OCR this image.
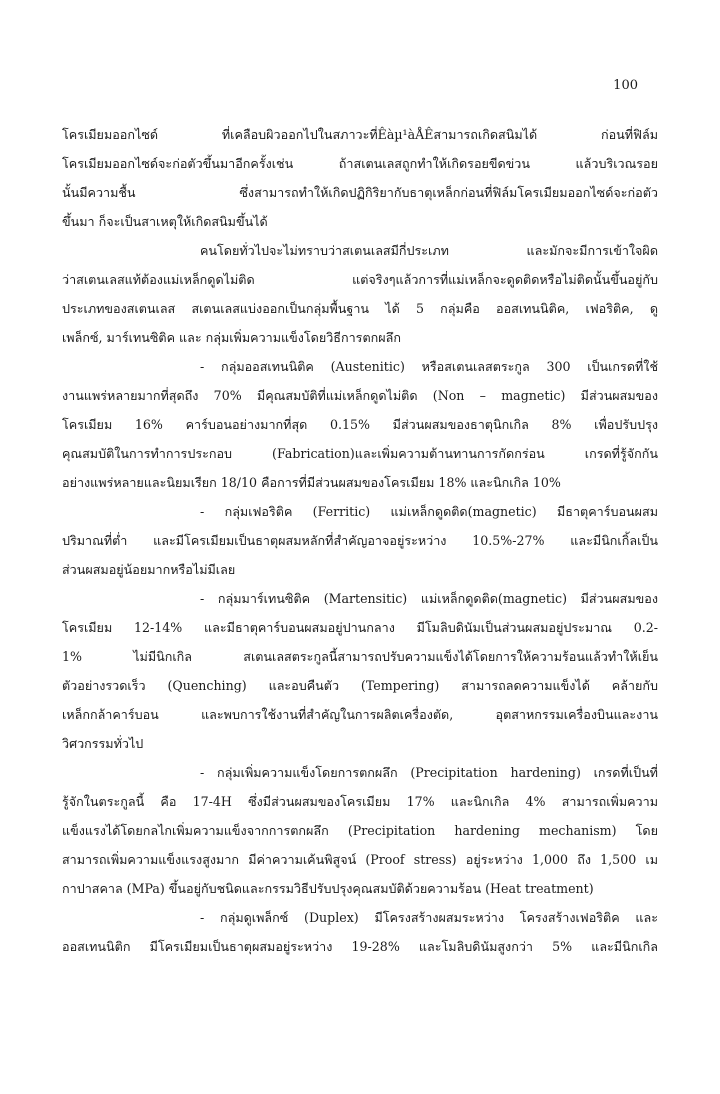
100
โครเมียมออกไซด์ ที่เคลือบผิวออกไปในสภาวะที่Êàµ¹àÅÊสามารถเกิดสนิมได้ ก่อนที่ฟิล์ม
โครเมียมออกไซด์จะก่อตัวขึ้นมาอีกครั้งเช่น ถ้าสเตนเลสถูกทำให้เกิดรอยขีดข่วน แล้วบริเวณรอย
นั้นมีความชื้น ซึ่งสามารถทำให้เกิดปฏิกิริยากับธาตุเหล็กก่อนที่ฟิล์มโครเมียมออกไซด์จะก่อตัว
ขึ้นมา ก็จะเป็นสาเหตุให้เกิดสนิมขึ้นได้
คนโดยทั่วไปจะไม่ทราบว่าสเตนเลสมีกี่ประเภท และมักจะมีการเข้าใจผิด
ว่าสเตนเลสแท้ต้องแม่เหล็กดูดไม่ติด แต่จริงๆแล้วการที่แม่เหล็กจะดูดติดหรือไม่ติดนั้นขึ้นอยู่กับ
ประเภทของสเตนเลส สเตนเลสแบ่งออกเป็นกลุ่มพื้นฐาน ได้ 5 กลุ่มคือ ออสเทนนิติค, เฟอริติค, ดู
เพล็กซ์, มาร์เทนซิติค และ กลุ่มเพิ่มความแข็งโดยวิธีการตกผลึก
- กลุ่มออสเทนนิติค (Austenitic) หรือสเตนเลสตระกูล 300 เป็นเกรดที่ใช้
งานแพร่หลายมากที่สุดถึง 70% มีคุณสมบัติที่แม่เหล็กดูดไม่ติด (Non – magnetic) มีส่วนผสมของ
โครเมียม 16% คาร์บอนอย่างมากที่สุด 0.15% มีส่วนผสมของธาตุนิกเกิล 8% เพื่อปรับปรุง
คุณสมบัติในการทำการประกอบ (Fabrication)และเพิ่มความต้านทานการกัดกร่อน เกรดที่รู้จักกัน
อย่างแพร่หลายและนิยมเรียก 18/10 คือการที่มีส่วนผสมของโครเมียม 18% และนิกเกิล 10%
- กลุ่มเฟอริติค (Ferritic) แม่เหล็กดูดติด(magnetic) มีธาตุคาร์บอนผสม
ปริมาณที่ต่ำ และมีโครเมียมเป็นธาตุผสมหลักที่สำคัญอาจอยู่ระหว่าง 10.5%-27% และมีนิกเกิ้ลเป็น
ส่วนผสมอยู่น้อยมากหรือไม่มีเลย
- กลุ่มมาร์เทนซิติค (Martensitic) แม่เหล็กดูดติด(magnetic) มีส่วนผสมของ
โครเมียม 12-14% และมีธาตุคาร์บอนผสมอยู่ปานกลาง มีโมลิบดินัมเป็นส่วนผสมอยู่ประมาณ 0.2-
1% ไม่มีนิกเกิล สเตนเลสตระกูลนี้สามารถปรับความแข็งได้โดยการให้ความร้อนแล้วทำให้เย็น
ตัวอย่างรวดเร็ว (Quenching) และอบคืนตัว (Tempering) สามารถลดความแข็งได้ คล้ายกับ
เหล็กกล้าคาร์บอน และพบการใช้งานที่สำคัญในการผลิตเครื่องตัด, อุตสาหกรรมเครื่องบินและงาน
วิศวกรรมทั่วไป
- กลุ่มเพิ่มความแข็งโดยการตกผลึก (Precipitation hardening) เกรดที่เป็นที่
รู้จักในตระกูลนี้ คือ 17-4H ซึ่งมีส่วนผสมของโครเมียม 17% และนิกเกิล 4% สามารถเพิ่มความ
แข็งแรงได้โดยกลไกเพิ่มความแข็งจากการตกผลึก (Precipitation hardening mechanism) โดย
สามารถเพิ่มความแข็งแรงสูงมาก มีค่าความเค้นพิสูจน์ (Proof stress) อยู่ระหว่าง 1,000 ถึง 1,500 เม
กาปาสคาล (MPa) ขึ้นอยู่กับชนิดและกรรมวิธีปรับปรุงคุณสมบัติด้วยความร้อน (Heat treatment)
- กลุ่มดูเพล็กซ์ (Duplex) มีโครงสร้างผสมระหว่าง โครงสร้างเฟอริติค และ
ออสเทนนิติก มีโครเมียมเป็นธาตุผสมอยู่ระหว่าง 19-28% และโมลิบดินัมสูงกว่า 5% และมีนิกเกิล
